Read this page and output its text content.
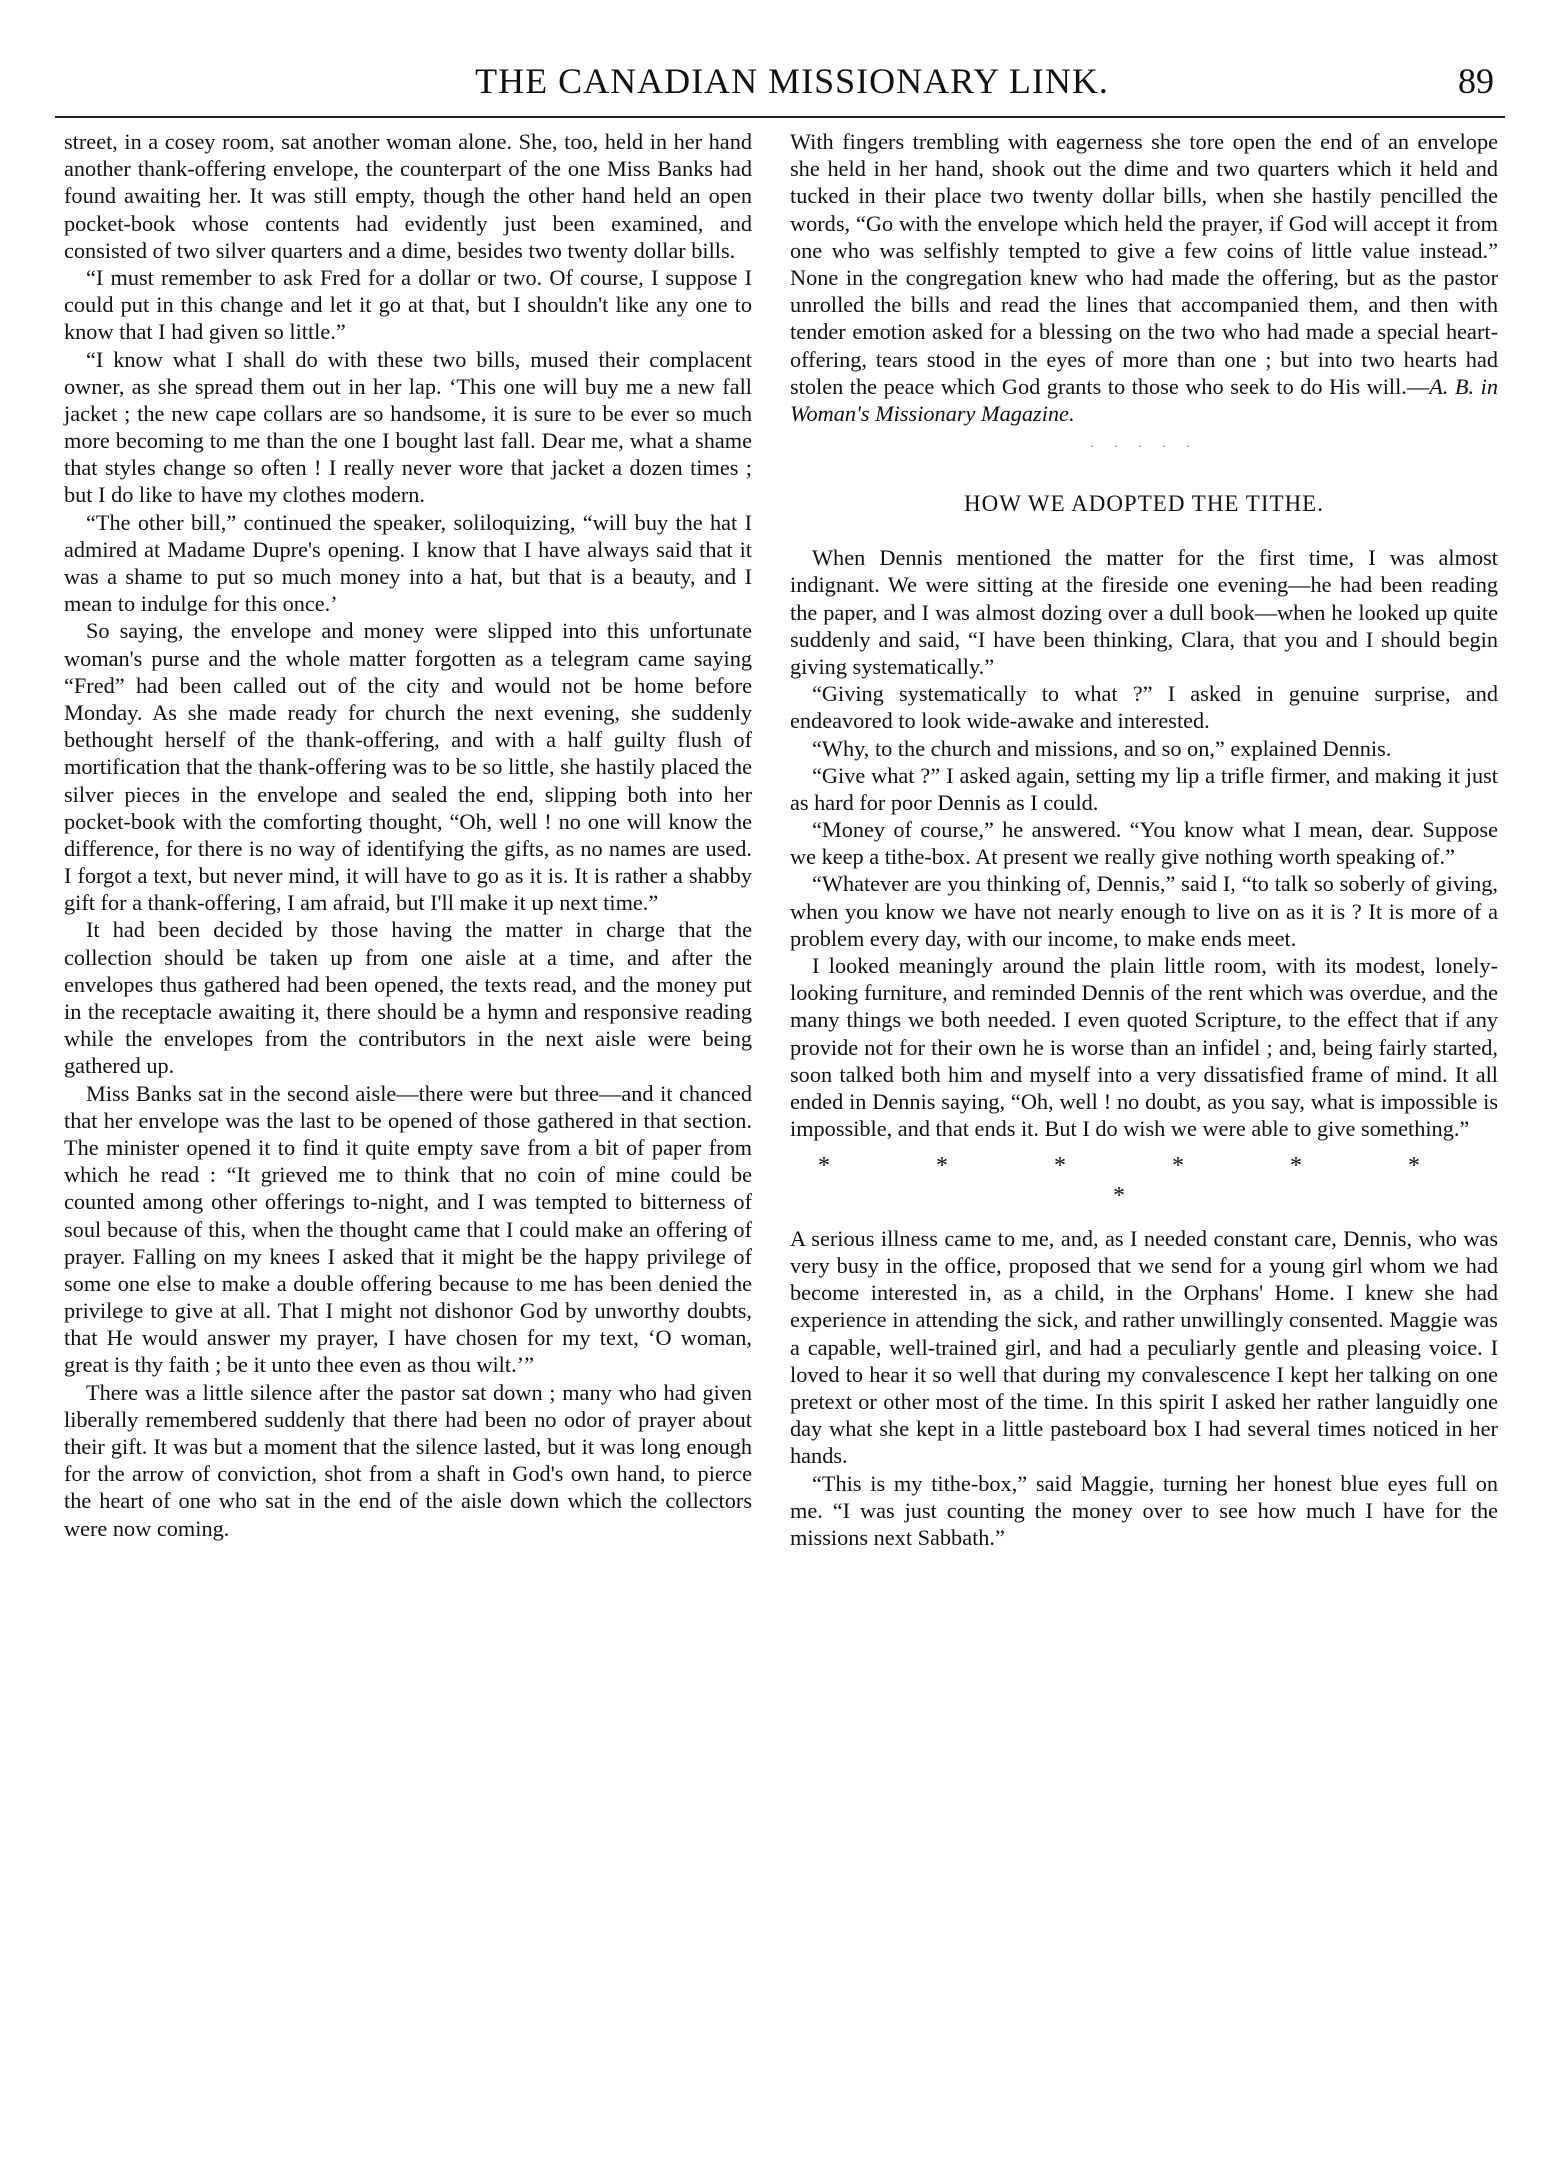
THE CANADIAN MISSIONARY LINK.	89

street, in a cosey room, sat another woman alone. She, too, held in her hand another thank-offering envelope, the counterpart of the one Miss Banks had found awaiting her. It was still empty, though the other hand held an open pocket-book whose contents had evidently just been examined, and consisted of two silver quarters and a dime, besides two twenty dollar bills.

“I must remember to ask Fred for a dollar or two. Of course, I suppose I could put in this change and let it go at that, but I shouldn't like any one to know that I had given so little.”

“I know what I shall do with these two bills, mused their complacent owner, as she spread them out in her lap. ‘This one will buy me a new fall jacket ; the new cape collars are so handsome, it is sure to be ever so much more becoming to me than the one I bought last fall. Dear me, what a shame that styles change so often ! I really never wore that jacket a dozen times ; but I do like to have my clothes modern.

“The other bill,” continued the speaker, soliloquizing, “will buy the hat I admired at Madame Dupre's opening. I know that I have always said that it was a shame to put so much money into a hat, but that is a beauty, and I mean to indulge for this once.’

So saying, the envelope and money were slipped into this unfortunate woman's purse and the whole matter forgotten as a telegram came saying “Fred” had been called out of the city and would not be home before Monday. As she made ready for church the next evening, she suddenly bethought herself of the thank-offering, and with a half guilty flush of mortification that the thank-offering was to be so little, she hastily placed the silver pieces in the envelope and sealed the end, slipping both into her pocket-book with the comforting thought, “Oh, well ! no one will know the difference, for there is no way of identifying the gifts, as no names are used. I forgot a text, but never mind, it will have to go as it is. It is rather a shabby gift for a thank-offering, I am afraid, but I'll make it up next time.”

It had been decided by those having the matter in charge that the collection should be taken up from one aisle at a time, and after the envelopes thus gathered had been opened, the texts read, and the money put in the receptacle awaiting it, there should be a hymn and responsive reading while the envelopes from the contributors in the next aisle were being gathered up.

Miss Banks sat in the second aisle—there were but three—and it chanced that her envelope was the last to be opened of those gathered in that section. The minister opened it to find it quite empty save from a bit of paper from which he read : “It grieved me to think that no coin of mine could be counted among other offerings to-night, and I was tempted to bitterness of soul because of this, when the thought came that I could make an offering of prayer. Falling on my knees I asked that it might be the happy privilege of some one else to make a double offering because to me has been denied the privilege to give at all. That I might not dishonor God by unworthy doubts, that He would answer my prayer, I have chosen for my text, ‘O woman, great is thy faith ; be it unto thee even as thou wilt.’”

There was a little silence after the pastor sat down ; many who had given liberally remembered suddenly that there had been no odor of prayer about their gift. It was but a moment that the silence lasted, but it was long enough for the arrow of conviction, shot from a shaft in God's own hand, to pierce the heart of one who sat in the end of the aisle down which the collectors were now coming.

With fingers trembling with eagerness she tore open the end of an envelope she held in her hand, shook out the dime and two quarters which it held and tucked in their place two twenty dollar bills, when she hastily pencilled the words, “Go with the envelope which held the prayer, if God will accept it from one who was selfishly tempted to give a few coins of little value instead.” None in the congregation knew who had made the offering, but as the pastor unrolled the bills and read the lines that accompanied them, and then with tender emotion asked for a blessing on the two who had made a special heart-offering, tears stood in the eyes of more than one ; but into two hearts had stolen the peace which God grants to those who seek to do His will.—A. B. in Woman's Missionary Magazine.

· · · · ·
HOW WE ADOPTED THE TITHE.

When Dennis mentioned the matter for the first time, I was almost indignant. We were sitting at the fireside one evening—he had been reading the paper, and I was almost dozing over a dull book—when he looked up quite suddenly and said, “I have been thinking, Clara, that you and I should begin giving systematically.”

“Giving systematically to what ?” I asked in genuine surprise, and endeavored to look wide-awake and interested.

“Why, to the church and missions, and so on,” explained Dennis.

“Give what ?” I asked again, setting my lip a trifle firmer, and making it just as hard for poor Dennis as I could.

“Money of course,” he answered. “You know what I mean, dear. Suppose we keep a tithe-box. At present we really give nothing worth speaking of.”

“Whatever are you thinking of, Dennis,” said I, “to talk so soberly of giving, when you know we have not nearly enough to live on as it is ? It is more of a problem every day, with our income, to make ends meet.

I looked meaningly around the plain little room, with its modest, lonely-looking furniture, and reminded Dennis of the rent which was overdue, and the many things we both needed. I even quoted Scripture, to the effect that if any provide not for their own he is worse than an infidel ; and, being fairly started, soon talked both him and myself into a very dissatisfied frame of mind. It all ended in Dennis saying, “Oh, well ! no doubt, as you say, what is impossible is impossible, and that ends it. But I do wish we were able to give something.”

* * * * * * *

A serious illness came to me, and, as I needed constant care, Dennis, who was very busy in the office, proposed that we send for a young girl whom we had become interested in, as a child, in the Orphans' Home. I knew she had experience in attending the sick, and rather unwillingly consented. Maggie was a capable, well-trained girl, and had a peculiarly gentle and pleasing voice. I loved to hear it so well that during my convalescence I kept her talking on one pretext or other most of the time. In this spirit I asked her rather languidly one day what she kept in a little pasteboard box I had several times noticed in her hands.

“This is my tithe-box,” said Maggie, turning her honest blue eyes full on me. “I was just counting the money over to see how much I have for the missions next Sabbath.”
